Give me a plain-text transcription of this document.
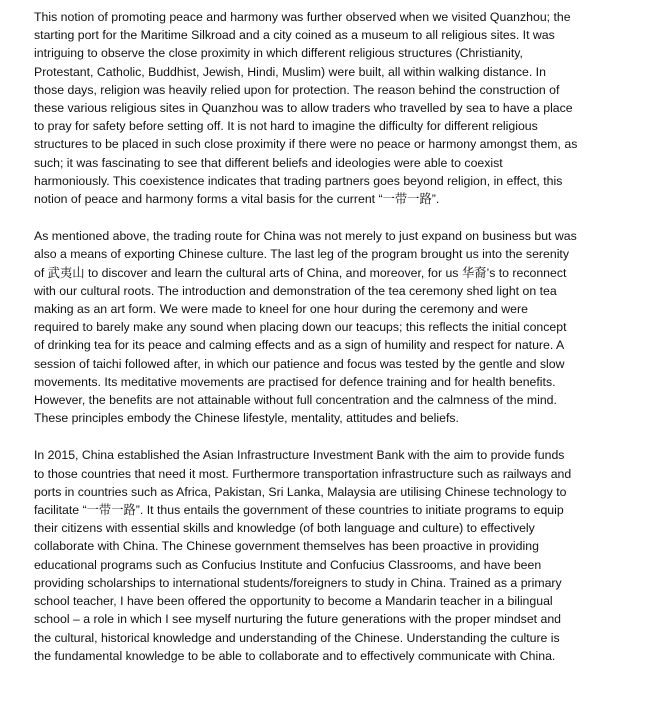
This notion of promoting peace and harmony was further observed when we visited Quanzhou; the
starting port for the Maritime Silkroad and a city coined as a museum to all religious sites. It was
intriguing to observe the close proximity in which different religious structures (Christianity,
Protestant, Catholic, Buddhist, Jewish, Hindi, Muslim) were built, all within walking distance. In
those days, religion was heavily relied upon for protection. The reason behind the construction of
these various religious sites in Quanzhou was to allow traders who travelled by sea to have a place
to pray for safety before setting off. It is not hard to imagine the difficulty for different religious
structures to be placed in such close proximity if there were no peace or harmony amongst them, as
such; it was fascinating to see that different beliefs and ideologies were able to coexist
harmoniously. This coexistence indicates that trading partners goes beyond religion, in effect, this
notion of peace and harmony forms a vital basis for the current “一带一路”.

As mentioned above, the trading route for China was not merely to just expand on business but was
also a means of exporting Chinese culture. The last leg of the program brought us into the serenity
of 武夷山 to discover and learn the cultural arts of China, and moreover, for us 华裔’s to reconnect
with our cultural roots. The introduction and demonstration of the tea ceremony shed light on tea
making as an art form. We were made to kneel for one hour during the ceremony and were
required to barely make any sound when placing down our teacups; this reflects the initial concept
of drinking tea for its peace and calming effects and as a sign of humility and respect for nature. A
session of taichi followed after, in which our patience and focus was tested by the gentle and slow
movements. Its meditative movements are practised for defence training and for health benefits.
However, the benefits are not attainable without full concentration and the calmness of the mind.
These principles embody the Chinese lifestyle, mentality, attitudes and beliefs.

In 2015, China established the Asian Infrastructure Investment Bank with the aim to provide funds
to those countries that need it most. Furthermore transportation infrastructure such as railways and
ports in countries such as Africa, Pakistan, Sri Lanka, Malaysia are utilising Chinese technology to
facilitate “一带一路”. It thus entails the government of these countries to initiate programs to equip
their citizens with essential skills and knowledge (of both language and culture) to effectively
collaborate with China. The Chinese government themselves has been proactive in providing
educational programs such as Confucius Institute and Confucius Classrooms, and have been
providing scholarships to international students/foreigners to study in China. Trained as a primary
school teacher, I have been offered the opportunity to become a Mandarin teacher in a bilingual
school – a role in which I see myself nurturing the future generations with the proper mindset and
the cultural, historical knowledge and understanding of the Chinese. Understanding the culture is
the fundamental knowledge to be able to collaborate and to effectively communicate with China.
